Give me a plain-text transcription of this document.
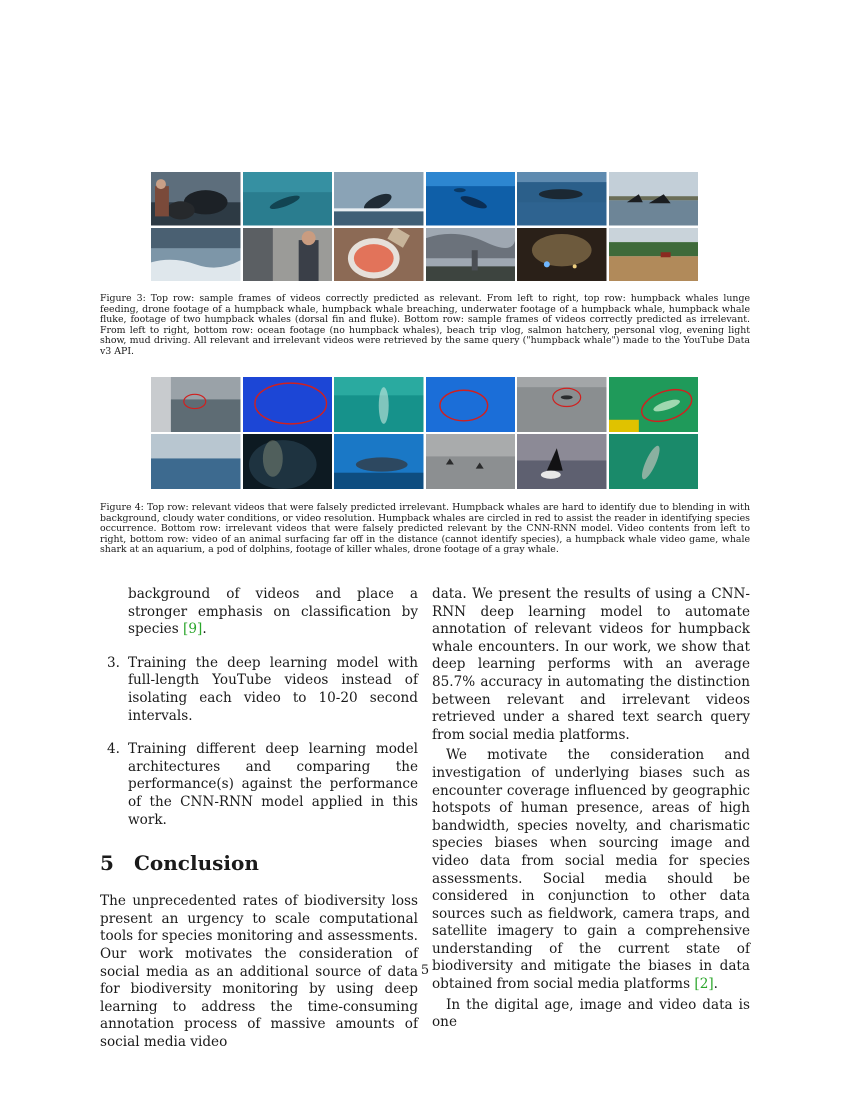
Figure 3: Top row: sample frames of videos correctly predicted as relevant. From left to right, top row: humpback whales lunge feeding, drone footage of a humpback whale, humpback whale breaching, underwater footage of a humpback whale, humpback whale fluke, footage of two humpback whales (dorsal fin and fluke). Bottom row: sample frames of videos correctly predicted as irrelevant. From left to right, bottom row: ocean footage (no humpback whales), beach trip vlog, salmon hatchery, personal vlog, evening light show, mud driving. All relevant and irrelevant videos were retrieved by the same query ("humpback whale") made to the YouTube Data v3 API.
Figure 4: Top row: relevant videos that were falsely predicted irrelevant. Humpback whales are hard to identify due to blending in with background, cloudy water conditions, or video resolution. Humpback whales are circled in red to assist the reader in identifying species occurrence. Bottom row: irrelevant videos that were falsely predicted relevant by the CNN-RNN model. Video contents from left to right, bottom row: video of an animal surfacing far off in the distance (cannot identify species), a humpback whale video game, whale shark at an aquarium, a pod of dolphins, footage of killer whales, drone footage of a gray whale.
background of videos and place a stronger emphasis on classification by species [9].
3. Training the deep learning model with full-length YouTube videos instead of isolating each video to 10-20 second intervals.
4. Training different deep learning model architectures and comparing the performance(s) against the performance of the CNN-RNN model applied in this work.
5 Conclusion

The unprecedented rates of biodiversity loss present an urgency to scale computational tools for species monitoring and assessments. Our work motivates the consideration of social media as an additional source of data for biodiversity monitoring by using deep learning to address the time-consuming annotation process of massive amounts of social media video

data. We present the results of using a CNN-RNN deep learning model to automate annotation of relevant videos for humpback whale encounters. In our work, we show that deep learning performs with an average 85.7% accuracy in automating the distinction between relevant and irrelevant videos retrieved under a shared text search query from social media platforms.

We motivate the consideration and investigation of underlying biases such as encounter coverage influenced by geographic hotspots of human presence, areas of high bandwidth, species novelty, and charismatic species biases when sourcing image and video data from social media for species assessments. Social media should be considered in conjunction to other data sources such as fieldwork, camera traps, and satellite imagery to gain a comprehensive understanding of the current state of biodiversity and mitigate the biases in data obtained from social media platforms [2].

In the digital age, image and video data is one

5
